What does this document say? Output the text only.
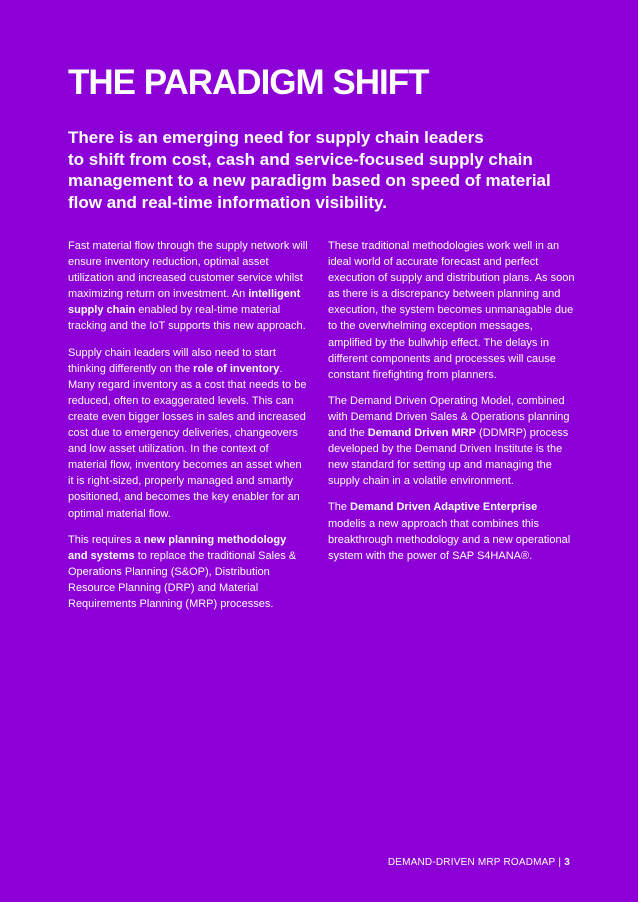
THE PARADIGM SHIFT

There is an emerging need for supply chain leaders
to shift from cost, cash and service-focused supply chain
management to a new paradigm based on speed of material
flow and real-time information visibility.

Fast material flow through the supply network will ensure inventory reduction, optimal asset utilization and increased customer service whilst maximizing return on investment. An intelligent supply chain enabled by real-time material tracking and the IoT supports this new approach.

Supply chain leaders will also need to start thinking differently on the role of inventory. Many regard inventory as a cost that needs to be reduced, often to exaggerated levels. This can create even bigger losses in sales and increased cost due to emergency deliveries, changeovers and low asset utilization. In the context of material flow, inventory becomes an asset when it is right-sized, properly managed and smartly positioned, and becomes the key enabler for an optimal material flow.

This requires a new planning methodology and systems to replace the traditional Sales & Operations Planning (S&OP), Distribution Resource Planning (DRP) and Material Requirements Planning (MRP) processes.

These traditional methodologies work well in an ideal world of accurate forecast and perfect execution of supply and distribution plans. As soon as there is a discrepancy between planning and execution, the system becomes unmanagable due to the overwhelming exception messages, amplified by the bullwhip effect. The delays in different components and processes will cause constant firefighting from planners.

The Demand Driven Operating Model, combined with Demand Driven Sales & Operations planning and the Demand Driven MRP (DDMRP) process developed by the Demand Driven Institute is the new standard for setting up and managing the supply chain in a volatile environment.

The Demand Driven Adaptive Enterprise modelis a new approach that combines this breakthrough methodology and a new operational system with the power of SAP S4HANA®.

DEMAND-DRIVEN MRP ROADMAP | 3
